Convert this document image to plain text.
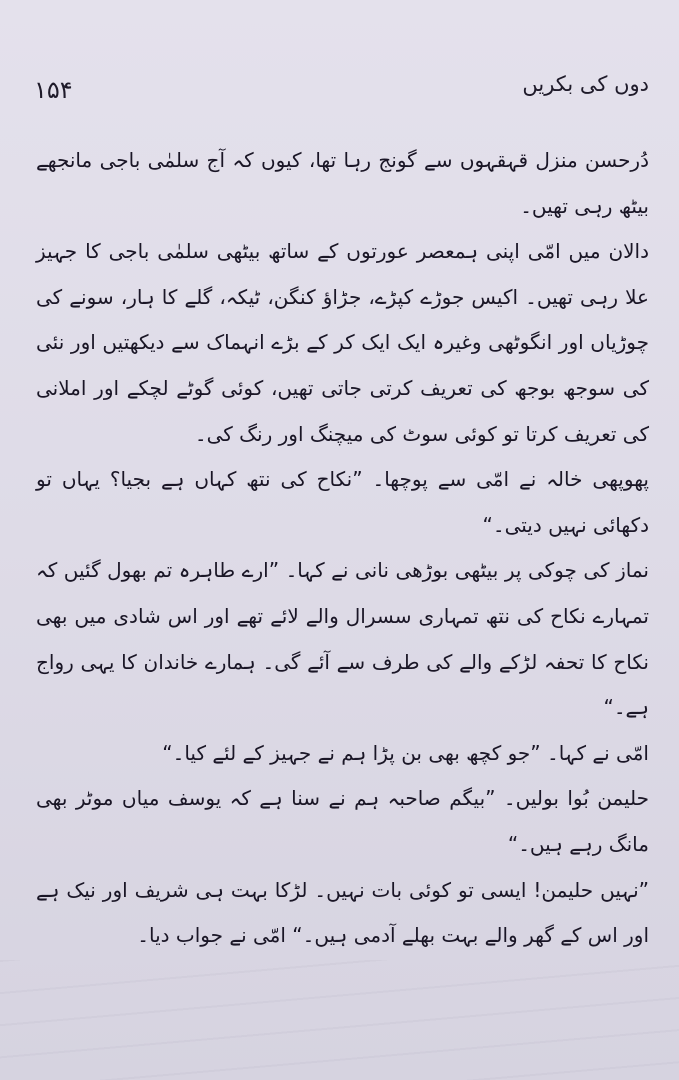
۱۵۴	دوں کی بکریں

دُرحسن منزل قہقہوں سے گونج رہا تھا، کیوں کہ آج سلمٰی باجی مانجھے بیٹھ رہی تھیں۔

دالان میں امّی اپنی ہمعصر عورتوں کے ساتھ بیٹھی سلمٰی باجی کا جہیز علا رہی تھیں۔ اکیس جوڑے کپڑے، جڑاؤ کنگن، ٹیکہ، گلے کا ہار، سونے کی چوڑیاں اور انگوٹھی وغیرہ ایک ایک کر کے بڑے انہماک سے دیکھتیں اور نئی کی سوجھ بوجھ کی تعریف کرتی جاتی تھیں، کوئی گوٹے لچکے اور املانی کی تعریف کرتا تو کوئی سوٹ کی میچنگ اور رنگ کی۔

پھوپھی خالہ نے امّی سے پوچھا۔ ”نکاح کی نتھ کہاں ہے بجیا؟ یہاں تو دکھائی نہیں دیتی۔“

نماز کی چوکی پر بیٹھی بوڑھی نانی نے کہا۔ ”ارے طاہرہ تم بھول گئیں کہ تمہارے نکاح کی نتھ تمہاری سسرال والے لائے تھے اور اس شادی میں بھی نکاح کا تحفہ لڑکے والے کی طرف سے آئے گی۔ ہمارے خاندان کا یہی رواج ہے۔“

امّی نے کہا۔ ”جو کچھ بھی بن پڑا ہم نے جہیز کے لئے کیا۔“

حلیمن بُوا بولیں۔ ”بیگم صاحبہ ہم نے سنا ہے کہ یوسف میاں موٹر بھی مانگ رہے ہیں۔“

”نہیں حلیمن! ایسی تو کوئی بات نہیں۔ لڑکا بہت ہی شریف اور نیک ہے اور اس کے گھر والے بہت بھلے آدمی ہیں۔“ امّی نے جواب دیا۔
